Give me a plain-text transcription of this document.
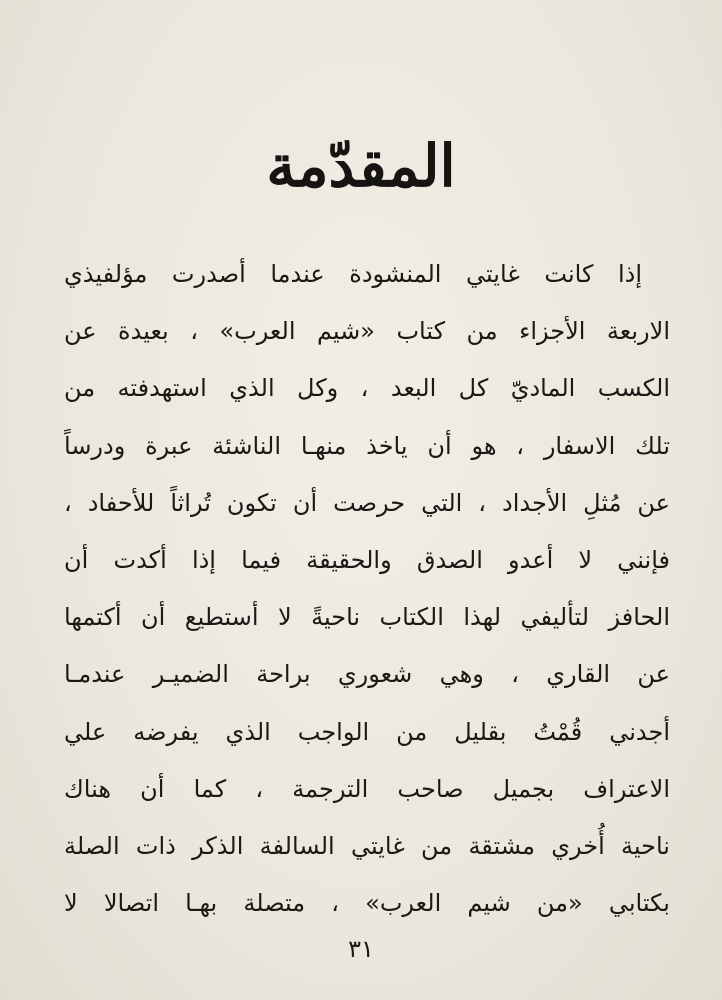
المقدّمة
إذا كانت غايتي المنشودة عندما أصدرت مؤلفيذي
الاربعة الأجزاء من كتاب «شيم العرب» ، بعيدة عن
الكسب الماديّ كل البعد ، وكل الذي استهدفته من
تلك الاسفار ، هو أن ياخذ منهـا الناشئة عبرة ودرساً
عن مُثلِ الأجداد ، التي حرصت أن تكون تُراثاً للأحفاد ،
فإنني لا أعدو الصدق والحقيقة فيما إذا أكدت أن
الحافز لتأليفي لهذا الكتاب ناحيةً لا أستطيع أن أكتمها
عن القاري ، وهي شعوري براحة الضميـر عندمـا
أجدني قُمْتُ بقليل من الواجب الذي يفرضه علي
الاعتراف بجميل صاحب الترجمة ، كما أن هناك
ناحية أُخري مشتقة من غايتي السالفة الذكر ذات الصلة
بكتابي «من شيم العرب» ، متصلة بهـا اتصالا لا
٣١
